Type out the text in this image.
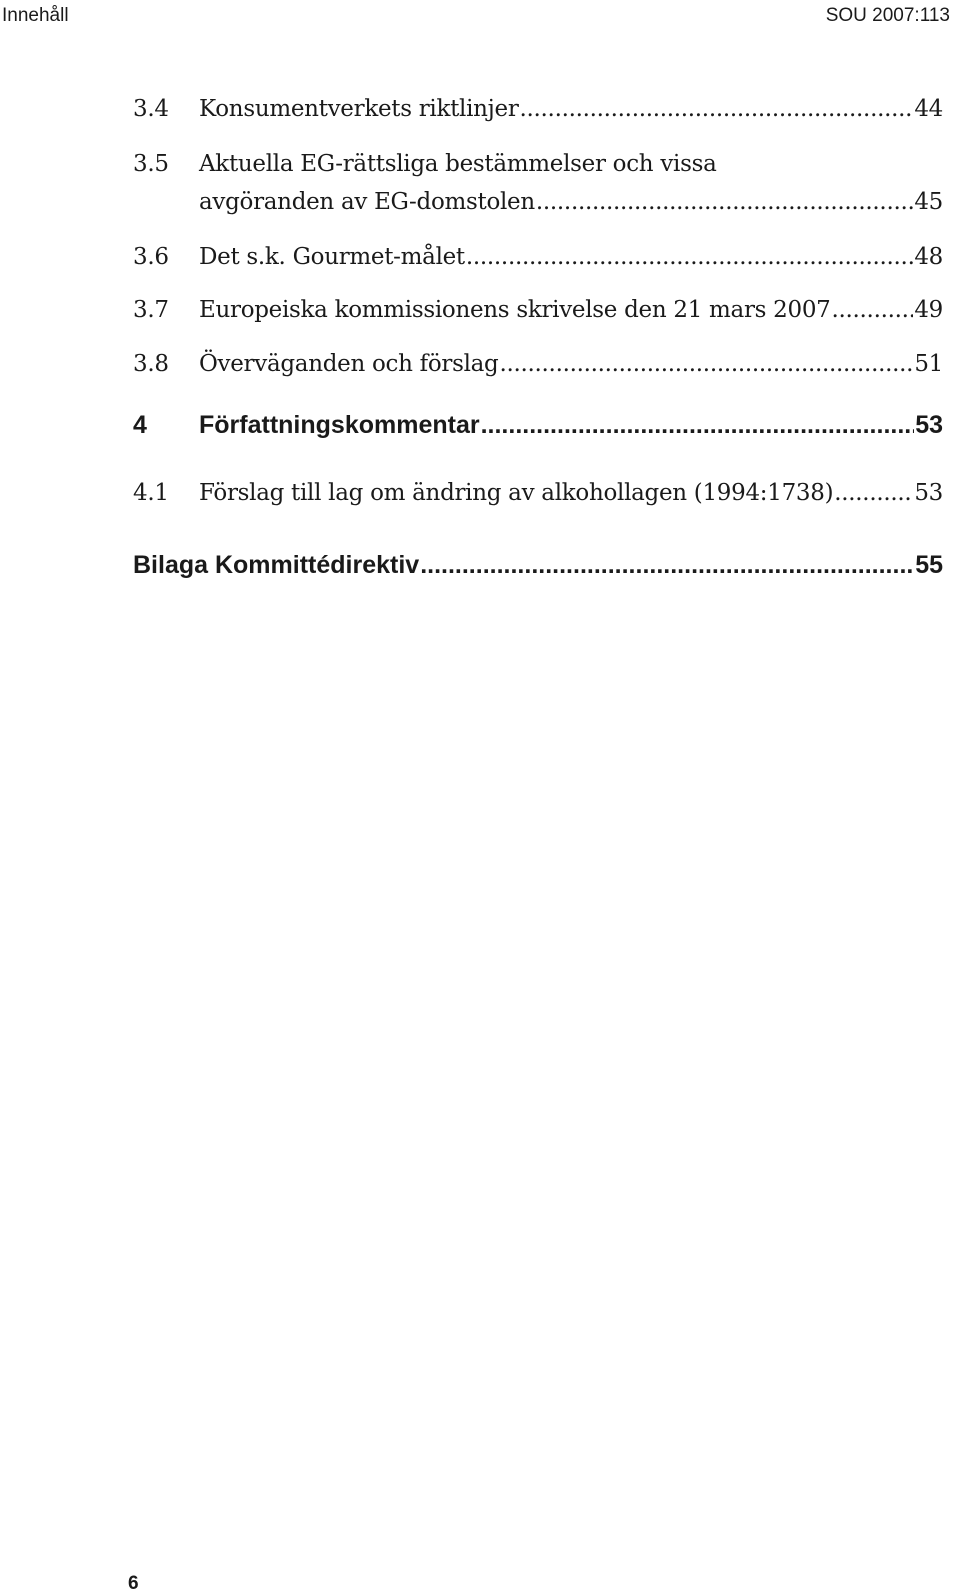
Innehåll	SOU 2007:113
3.4 Konsumentverkets riktlinjer .....	44
3.5 Aktuella EG-rättsliga bestämmelser och vissa
avgöranden av EG-domstolen .....	45
3.6 Det s.k. Gourmet-målet .....	48
3.7 Europeiska kommissionens skrivelse den 21 mars 2007 .....	49
3.8 Överväganden och förslag .....	51
4 Författningskommentar .....	53
4.1 Förslag till lag om ändring av alkohollagen (1994:1738) .....	53
Bilaga Kommittédirektiv .....	55
6
